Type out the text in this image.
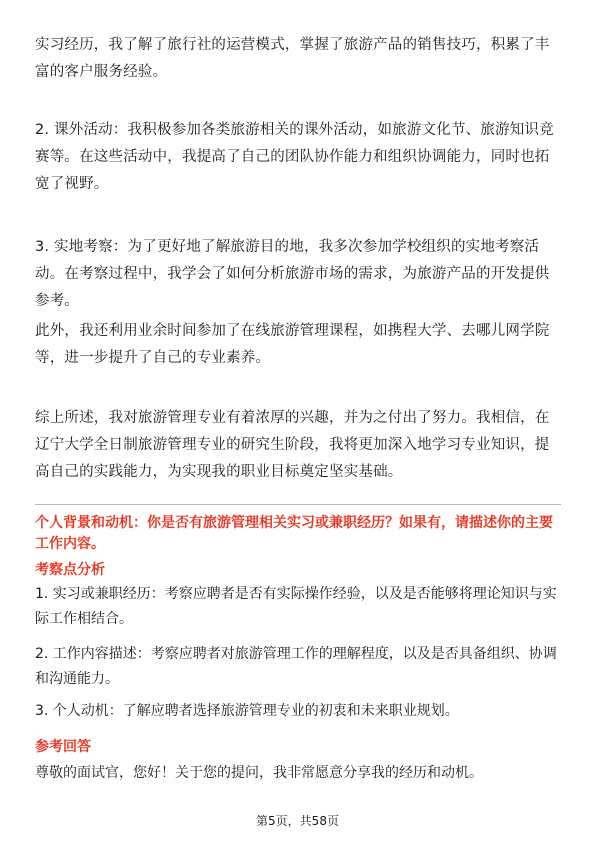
实习经历，我了解了旅行社的运营模式，掌握了旅游产品的销售技巧，积累了丰富的客户服务经验。

2. 课外活动：我积极参加各类旅游相关的课外活动，如旅游文化节、旅游知识竞赛等。在这些活动中，我提高了自己的团队协作能力和组织协调能力，同时也拓宽了视野。

3. 实地考察：为了更好地了解旅游目的地，我多次参加学校组织的实地考察活动。在考察过程中，我学会了如何分析旅游市场的需求，为旅游产品的开发提供参考。

此外，我还利用业余时间参加了在线旅游管理课程，如携程大学、去哪儿网学院等，进一步提升了自己的专业素养。

综上所述，我对旅游管理专业有着浓厚的兴趣，并为之付出了努力。我相信，在辽宁大学全日制旅游管理专业的研究生阶段，我将更加深入地学习专业知识，提高自己的实践能力，为实现我的职业目标奠定坚实基础。

个人背景和动机：你是否有旅游管理相关实习或兼职经历？如果有，请描述你的主要工作内容。

考察点分析

1. 实习或兼职经历：考察应聘者是否有实际操作经验，以及是否能够将理论知识与实际工作相结合。

2. 工作内容描述：考察应聘者对旅游管理工作的理解程度，以及是否具备组织、协调和沟通能力。

3. 个人动机：了解应聘者选择旅游管理专业的初衷和未来职业规划。

参考回答

尊敬的面试官，您好！关于您的提问，我非常愿意分享我的经历和动机。

第5页，共58页
